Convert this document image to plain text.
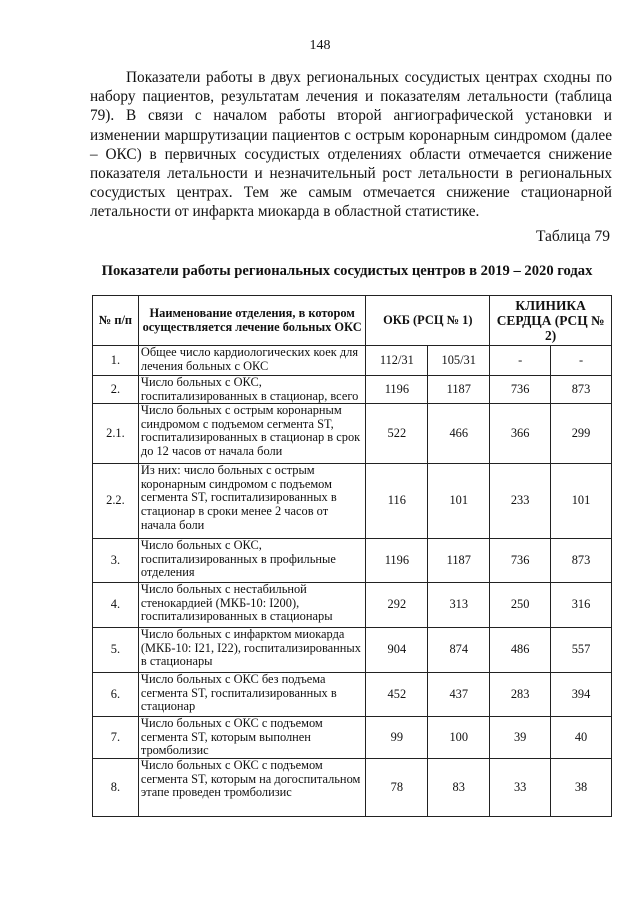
148

Показатели работы в двух региональных сосудистых центрах сходны по набору пациентов, результатам лечения и показателям летальности (таблица 79). В связи с началом работы второй ангиографической установки и изменении маршрутизации пациентов с острым коронарным синдромом (далее – ОКС) в первичных сосудистых отделениях области отмечается снижение показателя летальности и незначительный рост летальности в региональных сосудистых центрах. Тем же самым отмечается снижение стационарной летальности от инфаркта миокарда в областной статистике.

Таблица 79
Показатели работы региональных сосудистых центров в 2019 – 2020 годах
№ п/п	Наименование отделения, в котором осуществляется лечение больных ОКС	ОКБ (РСЦ № 1)		КЛИНИКА СЕРДЦА (РСЦ № 2)	
1.	Общее число кардиологических коек для лечения больных с ОКС	112/31	105/31	-	-
2.	Число больных с ОКС, госпитализированных в стационар, всего	1196	1187	736	873
2.1.	Число больных с острым коронарным синдромом с подъемом сегмента ST, госпитализированных в стационар в срок до 12 часов от начала боли	522	466	366	299
2.2.	Из них: число больных с острым коронарным синдромом с подъемом сегмента ST, госпитализированных в стационар в сроки менее 2 часов от начала боли	116	101	233	101
3.	Число больных с ОКС, госпитализированных в профильные отделения	1196	1187	736	873
4.	Число больных с нестабильной стенокардией (МКБ-10: I200), госпитализированных в стационары	292	313	250	316
5.	Число больных с инфарктом миокарда (МКБ-10: I21, I22), госпитализированных в стационары	904	874	486	557
6.	Число больных с ОКС без подъема сегмента ST, госпитализированных в стационар	452	437	283	394
7.	Число больных с ОКС с подъемом сегмента ST, которым выполнен тромболизис	99	100	39	40
8.	Число больных с ОКС с подъемом сегмента ST, которым на догоспитальном этапе проведен тромболизис	78	83	33	38
